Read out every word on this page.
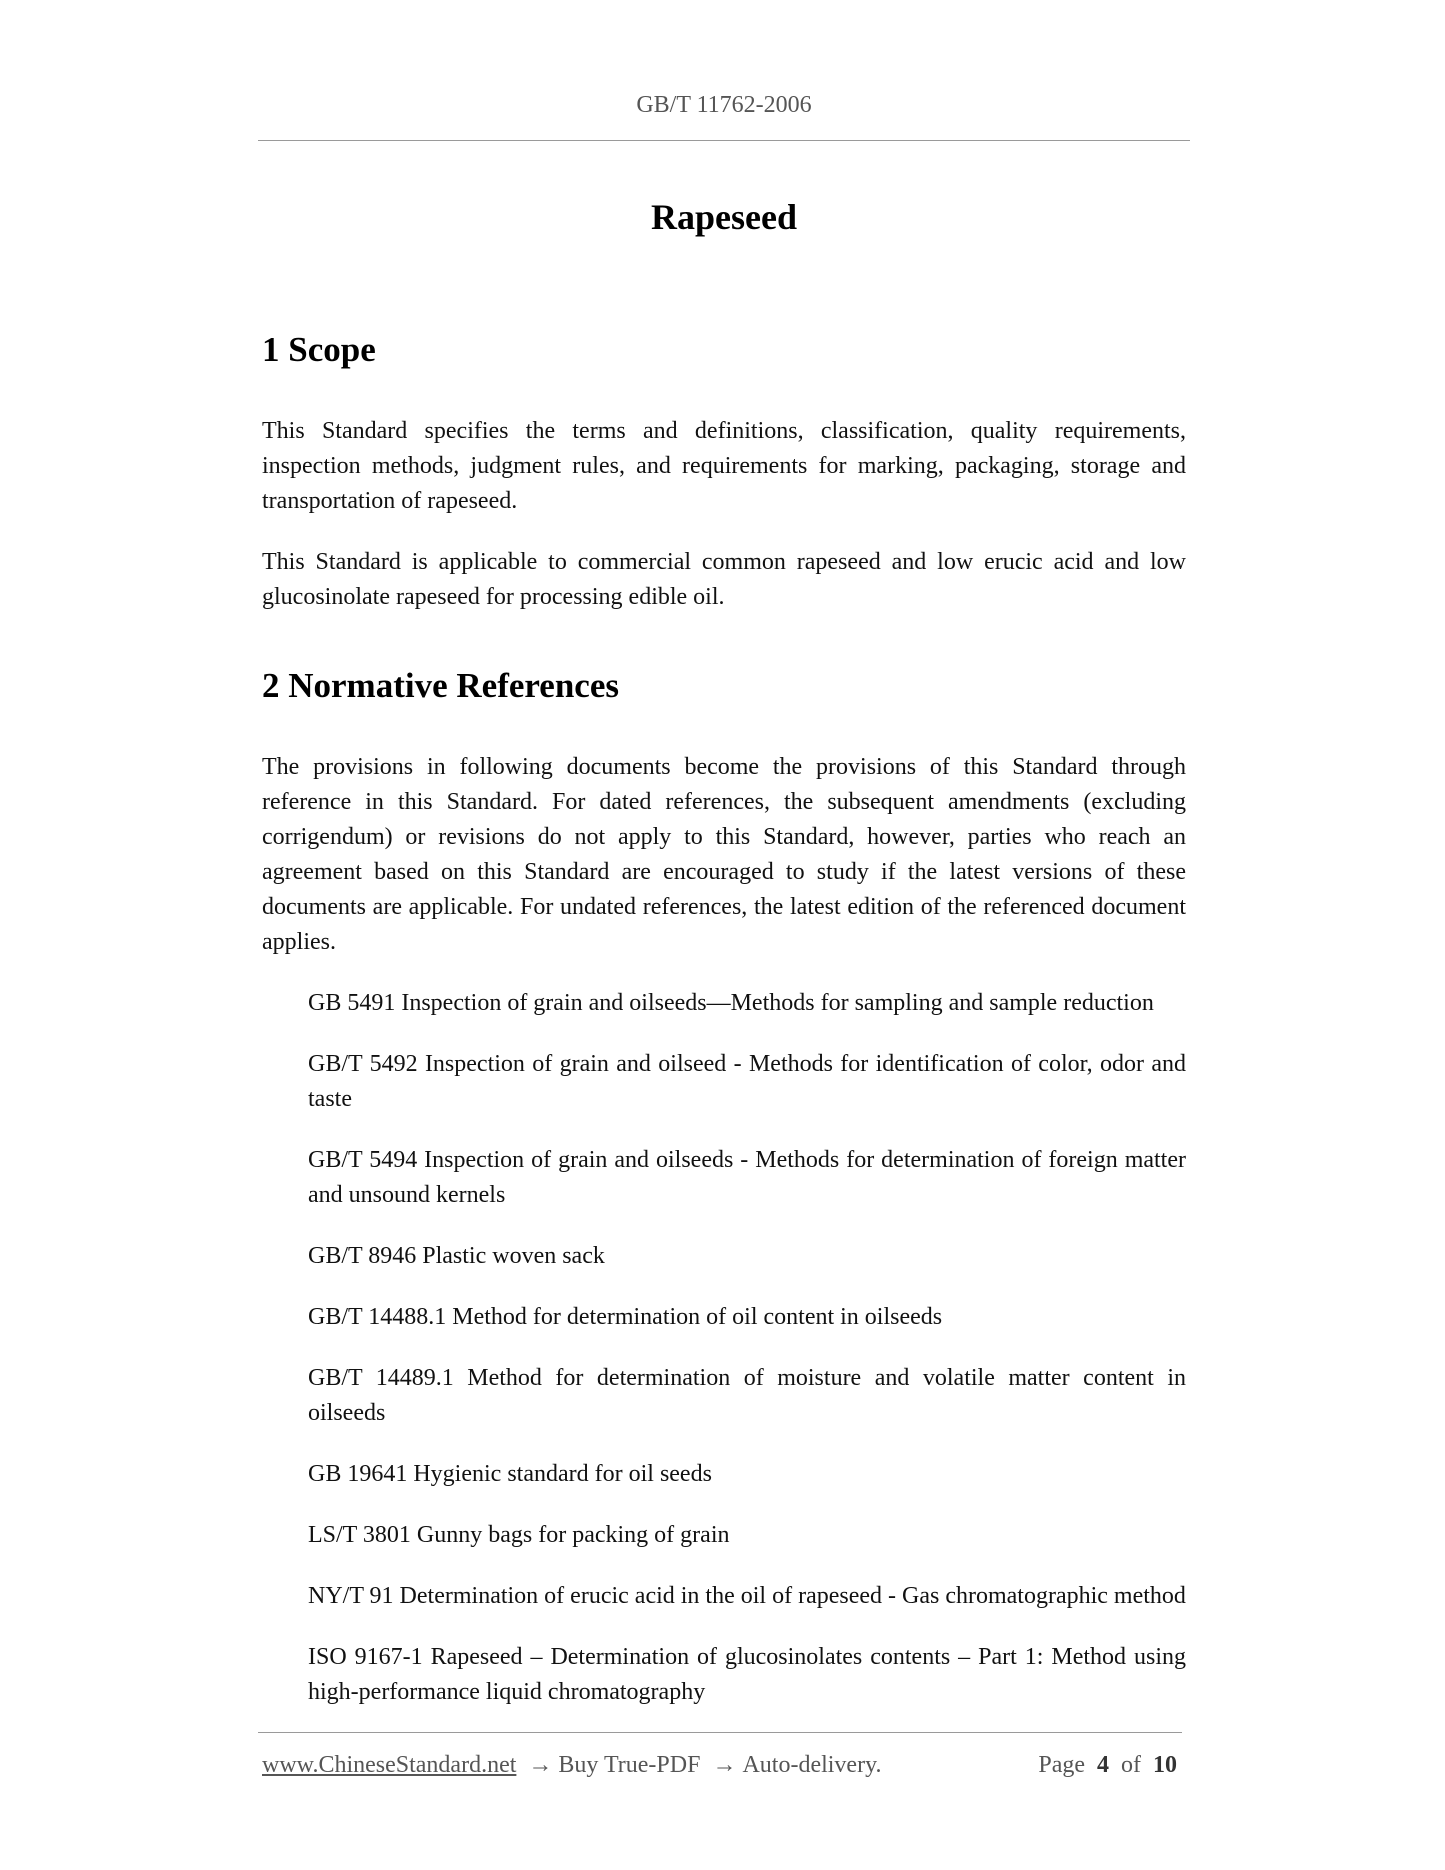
GB/T 11762-2006
Rapeseed
1 Scope

This Standard specifies the terms and definitions, classification, quality requirements, inspection methods, judgment rules, and requirements for marking, packaging, storage and transportation of rapeseed.

This Standard is applicable to commercial common rapeseed and low erucic acid and low glucosinolate rapeseed for processing edible oil.

2 Normative References

The provisions in following documents become the provisions of this Standard through reference in this Standard. For dated references, the subsequent amendments (excluding corrigendum) or revisions do not apply to this Standard, however, parties who reach an agreement based on this Standard are encouraged to study if the latest versions of these documents are applicable. For undated references, the latest edition of the referenced document applies.

GB 5491 Inspection of grain and oilseeds—Methods for sampling and sample reduction

GB/T 5492 Inspection of grain and oilseed - Methods for identification of color, odor and taste

GB/T 5494 Inspection of grain and oilseeds - Methods for determination of foreign matter and unsound kernels

GB/T 8946 Plastic woven sack

GB/T 14488.1 Method for determination of oil content in oilseeds

GB/T 14489.1 Method for determination of moisture and volatile matter content in oilseeds

GB 19641 Hygienic standard for oil seeds

LS/T 3801 Gunny bags for packing of grain

NY/T 91 Determination of erucic acid in the oil of rapeseed - Gas chromatographic method

ISO 9167-1 Rapeseed – Determination of glucosinolates contents – Part 1: Method using high-performance liquid chromatography

www.ChineseStandard.net → Buy True-PDF → Auto-delivery.	Page 4 of 10
